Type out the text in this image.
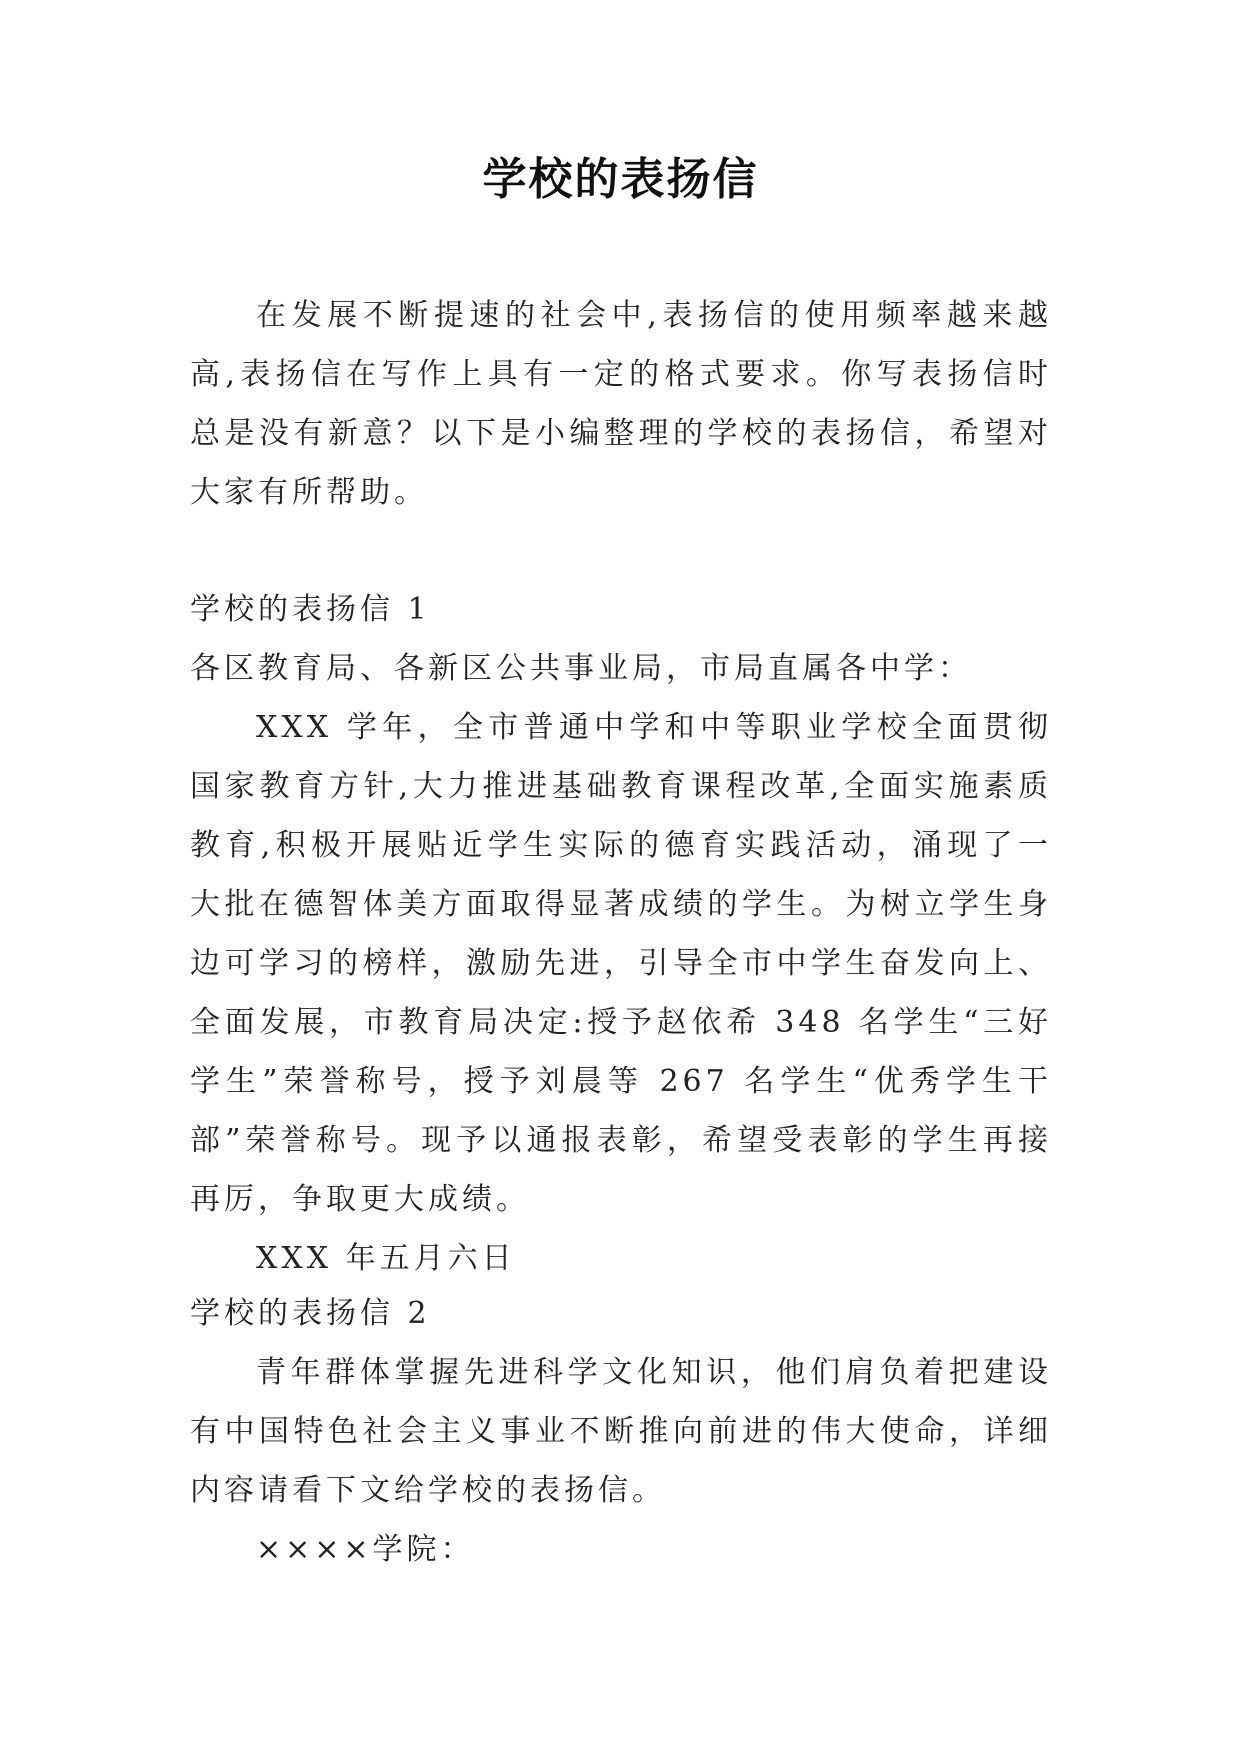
学校的表扬信

在发展不断提速的社会中,表扬信的使用频率越来越高,表扬信在写作上具有一定的格式要求。你写表扬信时总是没有新意？以下是小编整理的学校的表扬信，希望对大家有所帮助。

学校的表扬信 1

各区教育局、各新区公共事业局，市局直属各中学：

XXX 学年，全市普通中学和中等职业学校全面贯彻国家教育方针,大力推进基础教育课程改革,全面实施素质教育,积极开展贴近学生实际的德育实践活动，涌现了一大批在德智体美方面取得显著成绩的学生。为树立学生身边可学习的榜样，激励先进，引导全市中学生奋发向上、全面发展，市教育局决定:授予赵依希 348 名学生“三好学生”荣誉称号，授予刘晨等 267 名学生“优秀学生干部”荣誉称号。现予以通报表彰，希望受表彰的学生再接再厉，争取更大成绩。

XXX 年五月六日

学校的表扬信 2

青年群体掌握先进科学文化知识，他们肩负着把建设有中国特色社会主义事业不断推向前进的伟大使命，详细内容请看下文给学校的表扬信。

××××学院：
